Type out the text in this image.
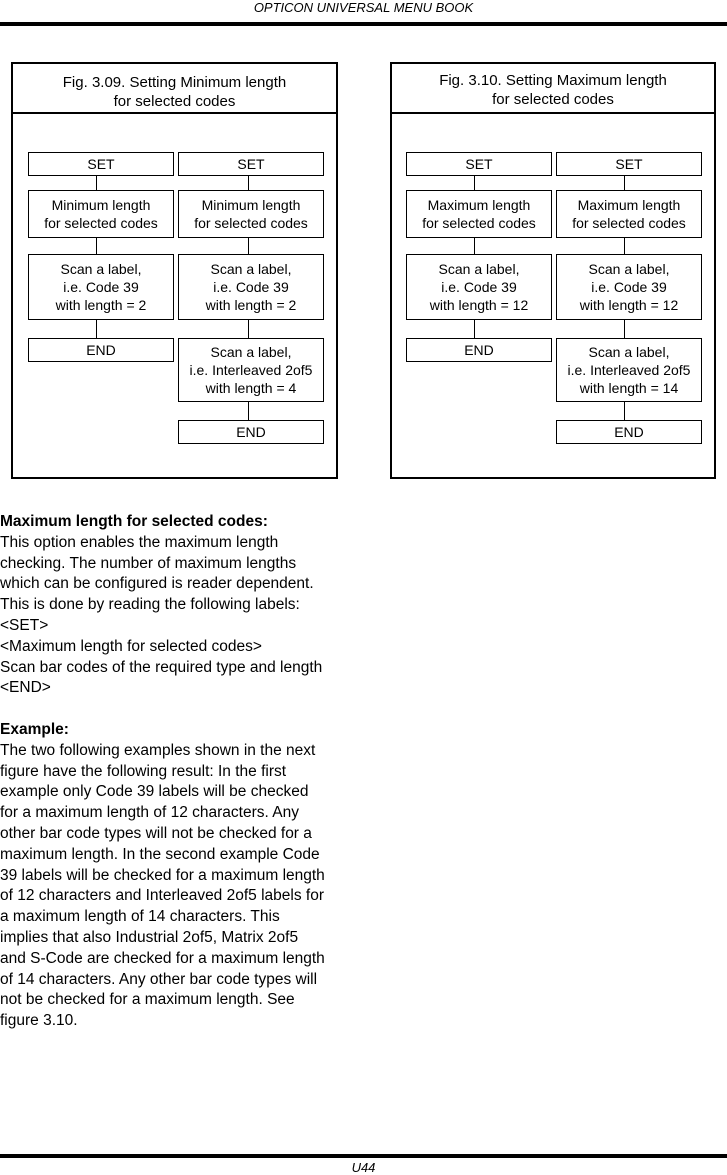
OPTICON UNIVERSAL MENU BOOK
Fig. 3.09. Setting Minimum length
for selected codes
SET
Minimum length
for selected codes
Scan a label,
i.e. Code 39
with length = 2
END
SET
Minimum length
for selected codes
Scan a label,
i.e. Code 39
with length = 2
Scan a label,
i.e. Interleaved 2of5
with length = 4
END
Fig. 3.10. Setting Maximum length
for selected codes
SET
Maximum length
for selected codes
Scan a label,
i.e. Code 39
with length = 12
END
SET
Maximum length
for selected codes
Scan a label,
i.e. Code 39
with length = 12
Scan a label,
i.e. Interleaved 2of5
with length = 14
END

Maximum length for selected codes:

This option enables the maximum length

checking. The number of maximum lengths

which can be configured is reader dependent.

This is done by reading the following labels:

<SET>

<Maximum length for selected codes>

Scan bar codes of the required type and length

<END>

Example:

The two following examples shown in the next

figure have the following result: In the first

example only Code 39 labels will be checked

for a maximum length of 12 characters. Any

other bar code types will not be checked for a

maximum length. In the second example Code

39 labels will be checked for a maximum length

of 12 characters and Interleaved 2of5 labels for

a maximum length of 14 characters. This

implies that also Industrial 2of5, Matrix 2of5

and S-Code are checked for a maximum length

of 14 characters. Any other bar code types will

not be checked for a maximum length. See

figure 3.10.

U44
